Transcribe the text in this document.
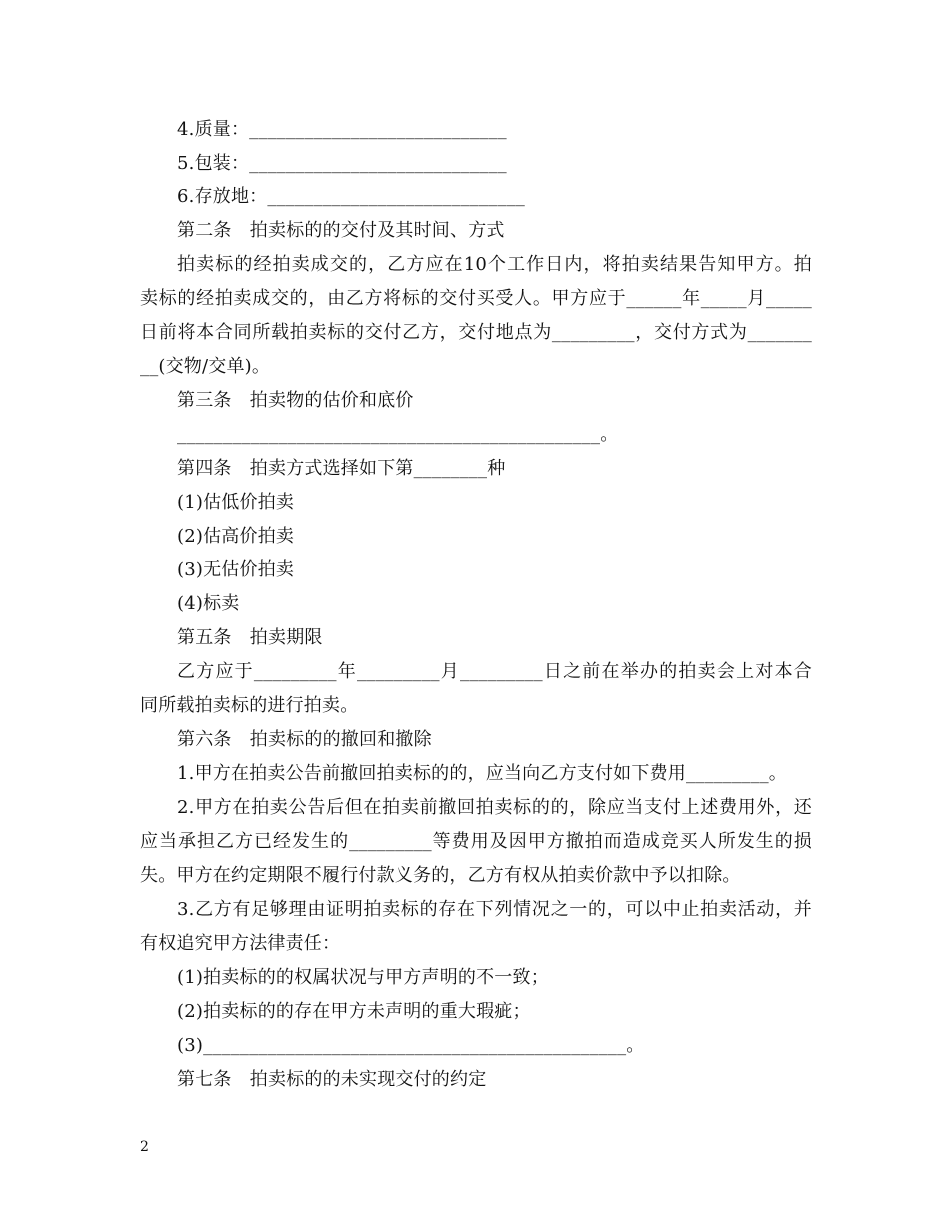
4.质量：____________________________
5.包装：____________________________
6.存放地：____________________________
第二条　拍卖标的的交付及其时间、方式
拍卖标的经拍卖成交的，乙方应在10个工作日内，将拍卖结果告知甲方。拍
卖标的经拍卖成交的，由乙方将标的交付买受人。甲方应于______年_____月_____
日前将本合同所载拍卖标的交付乙方，交付地点为_________，交付方式为_______
__(交物/交单)。
第三条　拍卖物的估价和底价
______________________________________________。
第四条　拍卖方式选择如下第________种
(1)估低价拍卖
(2)估高价拍卖
(3)无估价拍卖
(4)标卖
第五条　拍卖期限
乙方应于_________年_________月_________日之前在举办的拍卖会上对本合
同所载拍卖标的进行拍卖。
第六条　拍卖标的的撤回和撤除
1.甲方在拍卖公告前撤回拍卖标的的，应当向乙方支付如下费用_________。
2.甲方在拍卖公告后但在拍卖前撤回拍卖标的的，除应当支付上述费用外，还
应当承担乙方已经发生的_________等费用及因甲方撤拍而造成竞买人所发生的损
失。甲方在约定期限不履行付款义务的，乙方有权从拍卖价款中予以扣除。
3.乙方有足够理由证明拍卖标的存在下列情况之一的，可以中止拍卖活动，并
有权追究甲方法律责任：
(1)拍卖标的的权属状况与甲方声明的不一致；
(2)拍卖标的的存在甲方未声明的重大瑕疵；
(3)______________________________________________。
第七条　拍卖标的的未实现交付的约定
2
